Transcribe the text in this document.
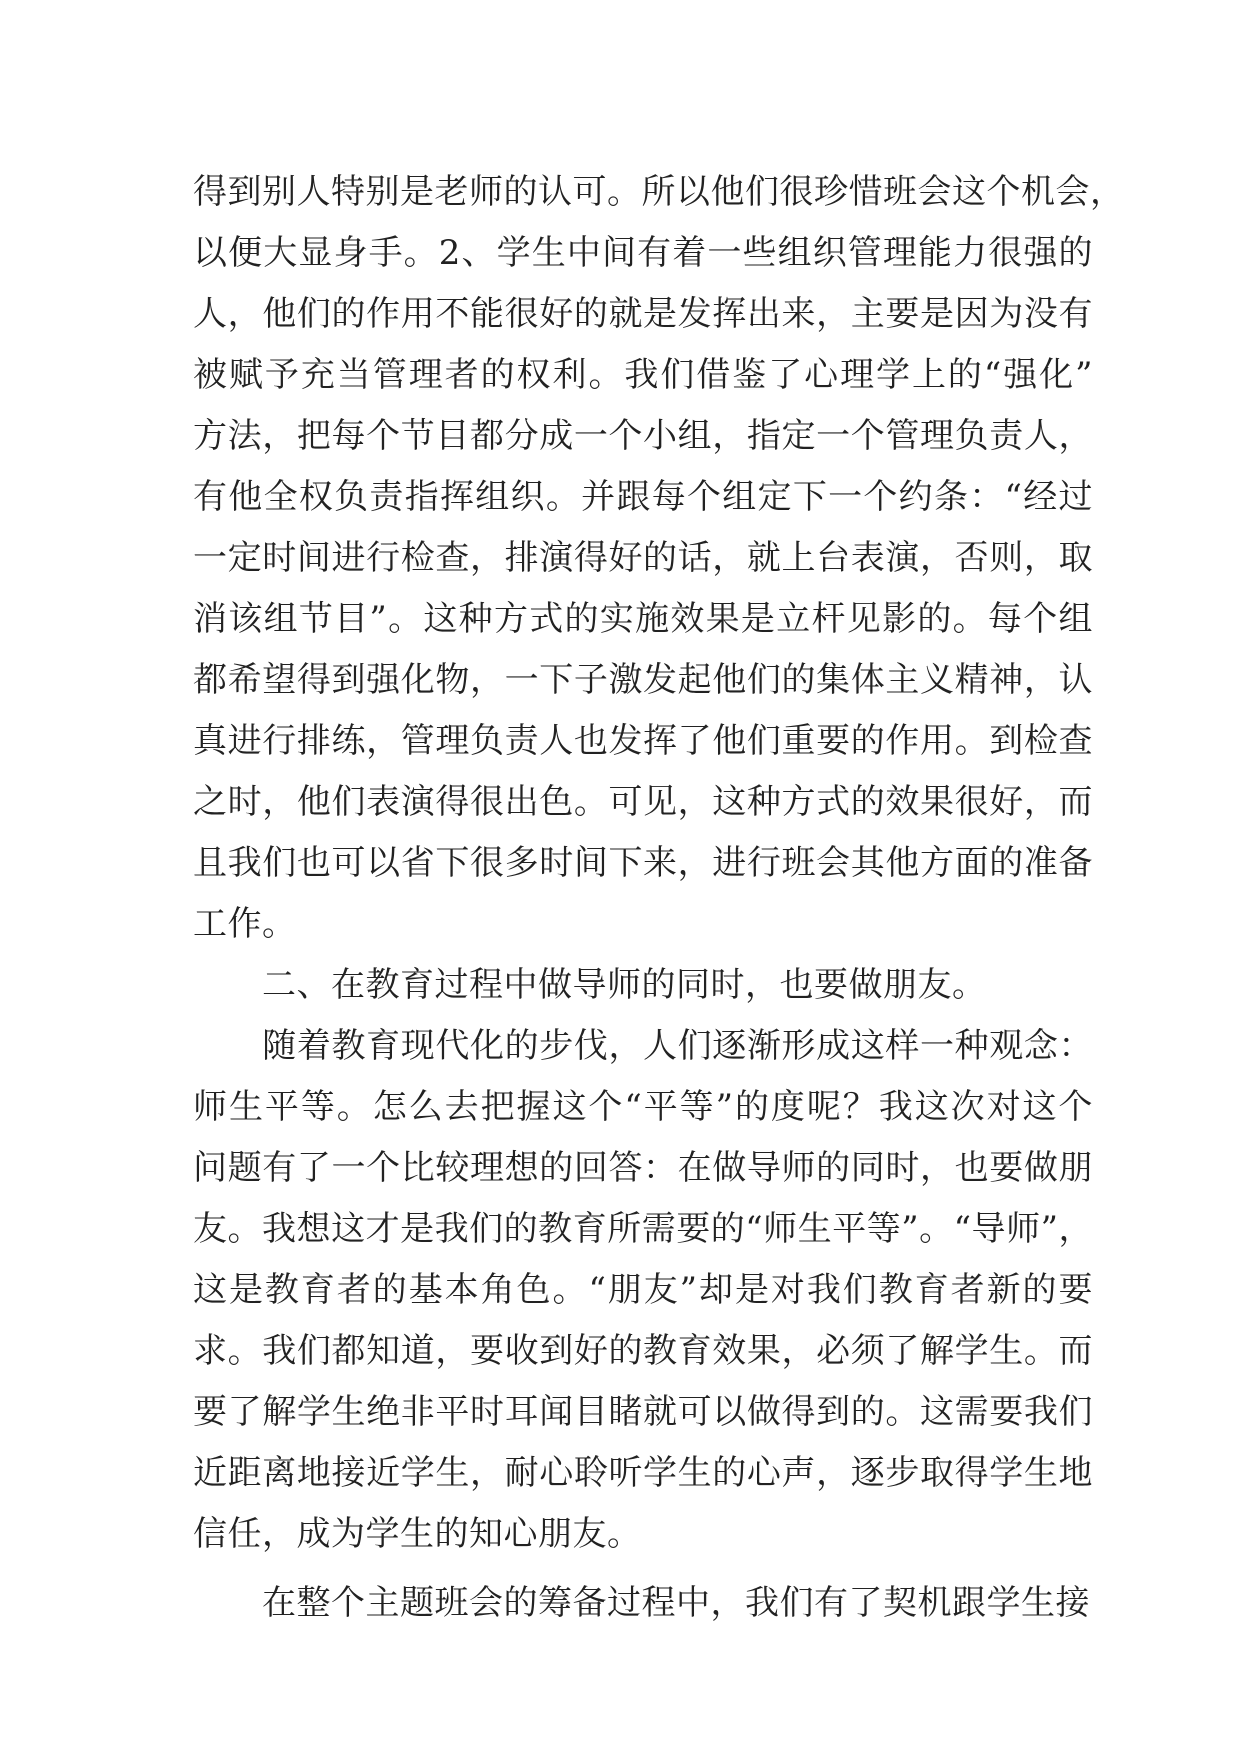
得到别人特别是老师的认可。所以他们很珍惜班会这个机会，

以便大显身手。2、学生中间有着一些组织管理能力很强的

人，他们的作用不能很好的就是发挥出来，主要是因为没有

被赋予充当管理者的权利。我们借鉴了心理学上的“强化”

方法，把每个节目都分成一个小组，指定一个管理负责人，

有他全权负责指挥组织。并跟每个组定下一个约条：“经过

一定时间进行检查，排演得好的话，就上台表演，否则，取

消该组节目”。这种方式的实施效果是立杆见影的。每个组

都希望得到强化物，一下子激发起他们的集体主义精神，认

真进行排练，管理负责人也发挥了他们重要的作用。到检查

之时，他们表演得很出色。可见，这种方式的效果很好，而

且我们也可以省下很多时间下来，进行班会其他方面的准备

工作。

　　二、在教育过程中做导师的同时，也要做朋友。

　　随着教育现代化的步伐，人们逐渐形成这样一种观念：

师生平等。怎么去把握这个“平等”的度呢？我这次对这个

问题有了一个比较理想的回答：在做导师的同时，也要做朋

友。我想这才是我们的教育所需要的“师生平等”。“导师”，

这是教育者的基本角色。“朋友”却是对我们教育者新的要

求。我们都知道，要收到好的教育效果，必须了解学生。而

要了解学生绝非平时耳闻目睹就可以做得到的。这需要我们

近距离地接近学生，耐心聆听学生的心声，逐步取得学生地

信任，成为学生的知心朋友。

　　在整个主题班会的筹备过程中，我们有了契机跟学生接
